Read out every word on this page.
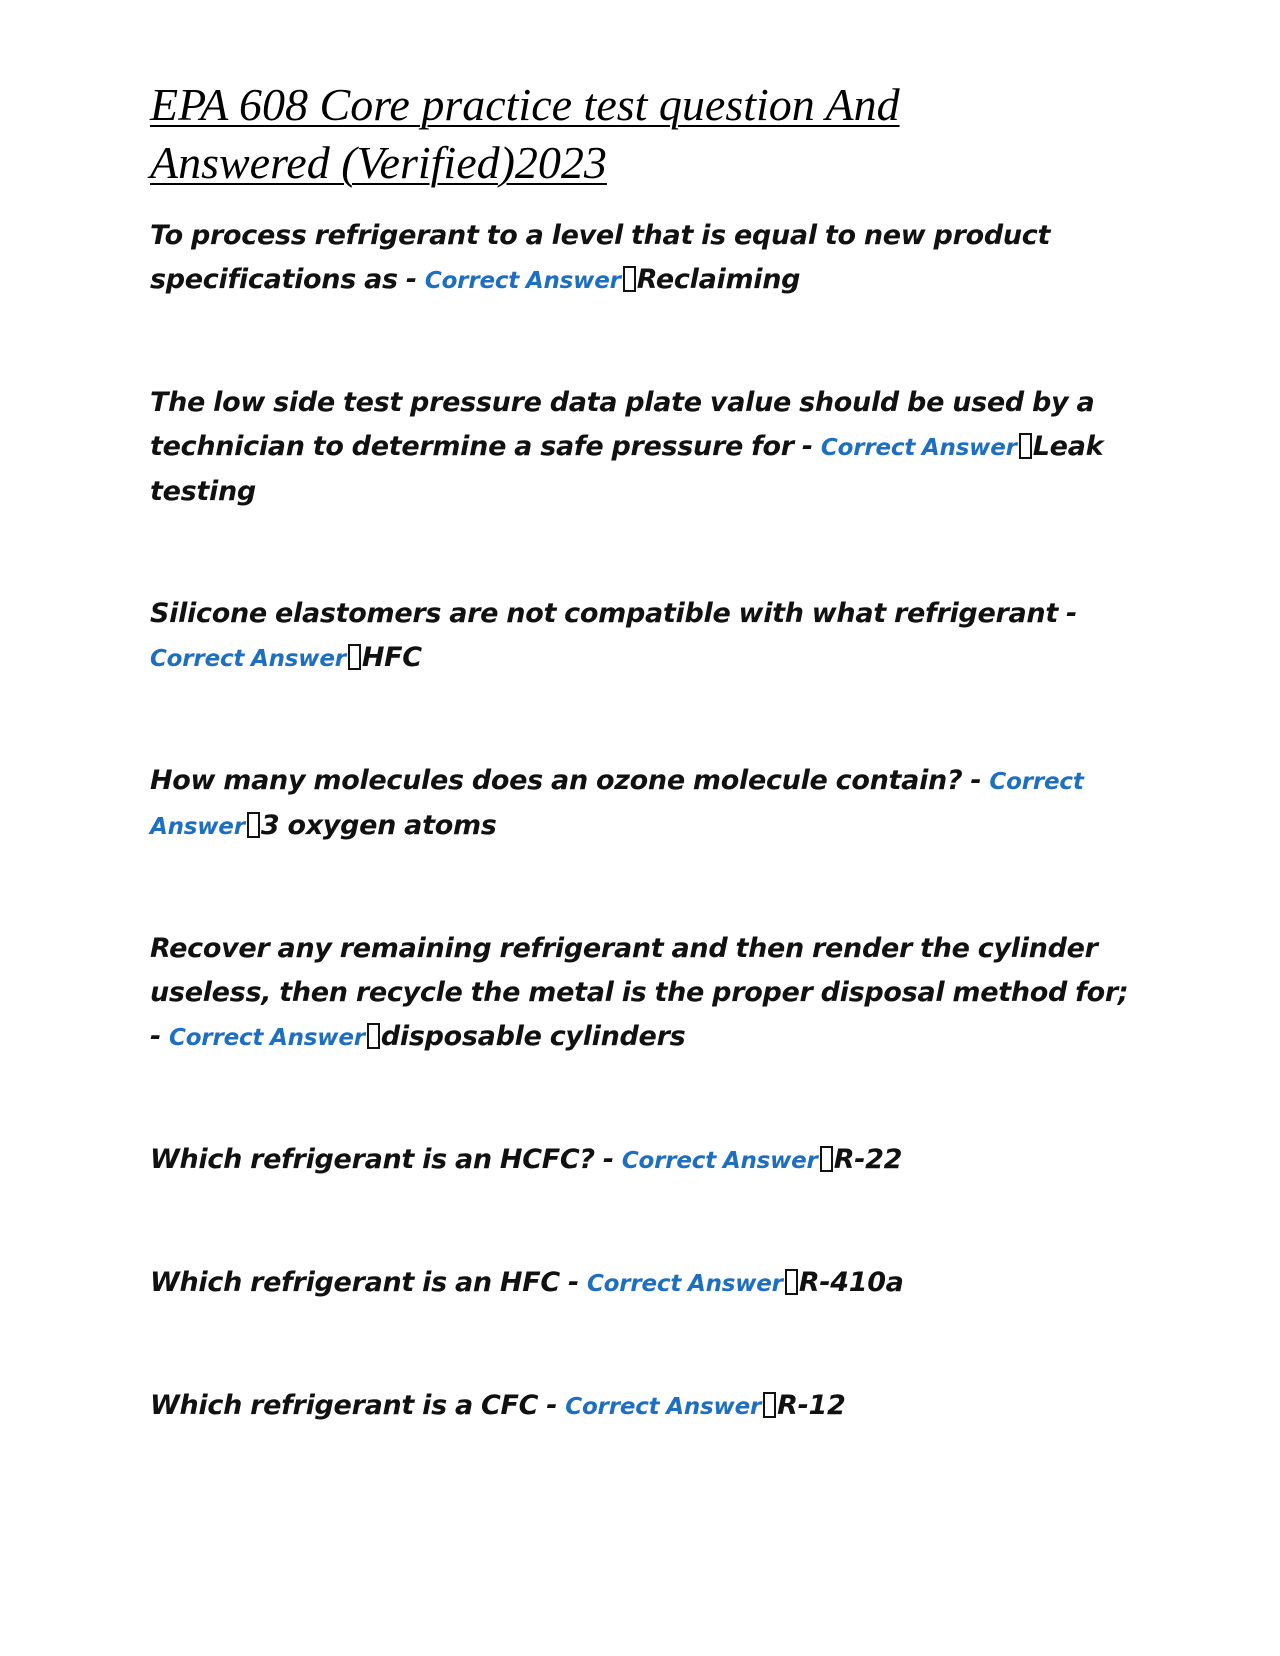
EPA 608 Core practice test question And Answered (Verified)2023

To process refrigerant to a level that is equal to new product specifications as - Correct Answer Reclaiming

The low side test pressure data plate value should be used by a technician to determine a safe pressure for - Correct Answer Leak testing

Silicone elastomers are not compatible with what refrigerant - Correct Answer HFC

How many molecules does an ozone molecule contain? - Correct Answer 3 oxygen atoms

Recover any remaining refrigerant and then render the cylinder useless, then recycle the metal is the proper disposal method for; - Correct Answer disposable cylinders

Which refrigerant is an HCFC? - Correct Answer R-22

Which refrigerant is an HFC - Correct Answer R-410a

Which refrigerant is a CFC - Correct Answer R-12
